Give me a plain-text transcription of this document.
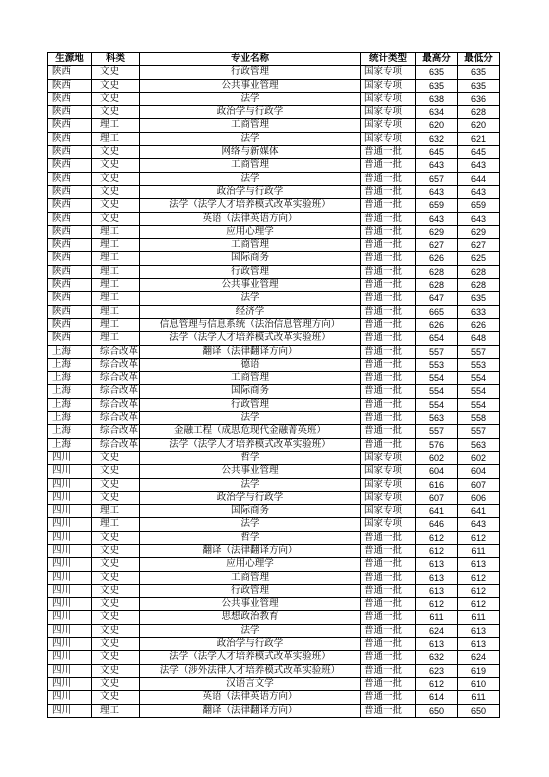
生源地	科类	专业名称	统计类型	最高分	最低分
陕西	文史	行政管理	国家专项	635	635
陕西	文史	公共事业管理	国家专项	635	635
陕西	文史	法学	国家专项	638	636
陕西	文史	政治学与行政学	国家专项	634	628
陕西	理工	工商管理	国家专项	620	620
陕西	理工	法学	国家专项	632	621
陕西	文史	网络与新媒体	普通一批	645	645
陕西	文史	工商管理	普通一批	643	643
陕西	文史	法学	普通一批	657	644
陕西	文史	政治学与行政学	普通一批	643	643
陕西	文史	法学（法学人才培养模式改革实验班）	普通一批	659	659
陕西	文史	英语（法律英语方向）	普通一批	643	643
陕西	理工	应用心理学	普通一批	629	629
陕西	理工	工商管理	普通一批	627	627
陕西	理工	国际商务	普通一批	626	625
陕西	理工	行政管理	普通一批	628	628
陕西	理工	公共事业管理	普通一批	628	628
陕西	理工	法学	普通一批	647	635
陕西	理工	经济学	普通一批	665	633
陕西	理工	信息管理与信息系统（法治信息管理方向）	普通一批	626	626
陕西	理工	法学（法学人才培养模式改革实验班）	普通一批	654	648
上海	综合改革	翻译（法律翻译方向）	普通一批	557	557
上海	综合改革	德语	普通一批	553	553
上海	综合改革	工商管理	普通一批	554	554
上海	综合改革	国际商务	普通一批	554	554
上海	综合改革	行政管理	普通一批	554	554
上海	综合改革	法学	普通一批	563	558
上海	综合改革	金融工程（成思危现代金融菁英班）	普通一批	557	557
上海	综合改革	法学（法学人才培养模式改革实验班）	普通一批	576	563
四川	文史	哲学	国家专项	602	602
四川	文史	公共事业管理	国家专项	604	604
四川	文史	法学	国家专项	616	607
四川	文史	政治学与行政学	国家专项	607	606
四川	理工	国际商务	国家专项	641	641
四川	理工	法学	国家专项	646	643
四川	文史	哲学	普通一批	612	612
四川	文史	翻译（法律翻译方向）	普通一批	612	611
四川	文史	应用心理学	普通一批	613	613
四川	文史	工商管理	普通一批	613	612
四川	文史	行政管理	普通一批	613	612
四川	文史	公共事业管理	普通一批	612	612
四川	文史	思想政治教育	普通一批	611	611
四川	文史	法学	普通一批	624	613
四川	文史	政治学与行政学	普通一批	613	613
四川	文史	法学（法学人才培养模式改革实验班）	普通一批	632	624
四川	文史	法学（涉外法律人才培养模式改革实验班）	普通一批	623	619
四川	文史	汉语言文学	普通一批	612	610
四川	文史	英语（法律英语方向）	普通一批	614	611
四川	理工	翻译（法律翻译方向）	普通一批	650	650
